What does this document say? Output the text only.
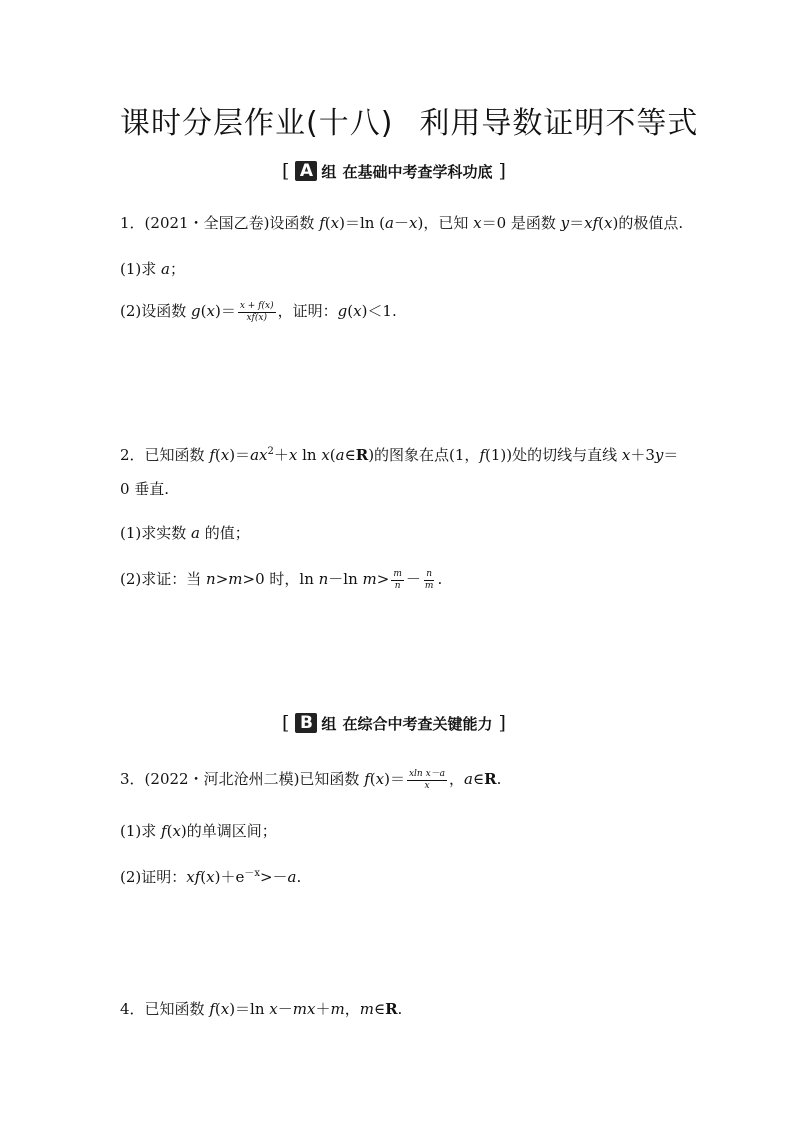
课时分层作业(十八) 利用导数证明不等式
[ A 组 在基础中考查学科功底 ]
1．(2021・全国乙卷)设函数 f(x)＝ln (a－x)，已知 x＝0 是函数 y＝xf(x)的极值点.
(1)求 a；
(2)设函数 $g(x)= \frac{x + f(x)}{xf(x)}$ ，证明：g(x)＜1.
2．已知函数 $f(x)=ax^2+x$ ln x(a∈R)的图象在点(1，f(1))处的切线与直线 x＋3y＝
0 垂直.
(1)求实数 a 的值；
(2)求证：当 n>m>0 时，ln n－ln $m> \frac{m}{n} - \frac{n}{m}$ .
[ B 组 在综合中考查关键能力 ]
3．(2022・河北沧州二模)已知函数 $f(x)= \frac{\text{xln x－a}}{x}$ ，a∈R.
(1)求 f(x)的单调区间；
(2)证明：$xf(x)+e^{-x}>-a$.
4．已知函数 f(x)＝ln x－mx＋m，m∈R.
